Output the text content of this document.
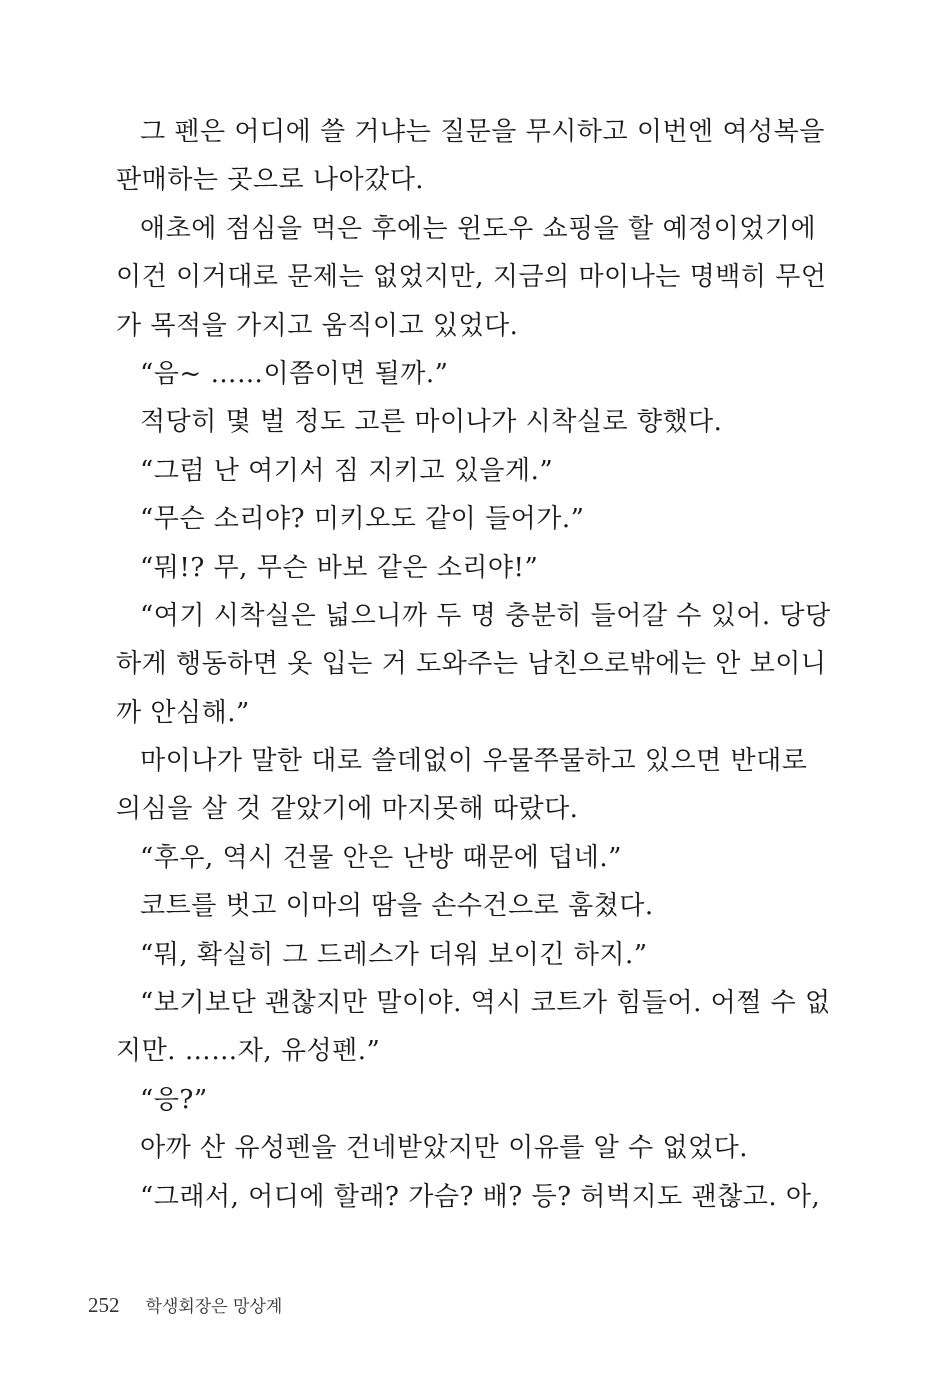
그 펜은 어디에 쓸 거냐는 질문을 무시하고 이번엔 여성복을
판매하는 곳으로 나아갔다.
애초에 점심을 먹은 후에는 윈도우 쇼핑을 할 예정이었기에
이건 이거대로 문제는 없었지만, 지금의 마이나는 명백히 무언
가 목적을 가지고 움직이고 있었다.
“음~ ……이쯤이면 될까.”
적당히 몇 벌 정도 고른 마이나가 시착실로 향했다.
“그럼 난 여기서 짐 지키고 있을게.”
“무슨 소리야? 미키오도 같이 들어가.”
“뭐!? 무, 무슨 바보 같은 소리야!”
“여기 시착실은 넓으니까 두 명 충분히 들어갈 수 있어. 당당
하게 행동하면 옷 입는 거 도와주는 남친으로밖에는 안 보이니
까 안심해.”
마이나가 말한 대로 쓸데없이 우물쭈물하고 있으면 반대로
의심을 살 것 같았기에 마지못해 따랐다.
“후우, 역시 건물 안은 난방 때문에 덥네.”
코트를 벗고 이마의 땀을 손수건으로 훔쳤다.
“뭐, 확실히 그 드레스가 더워 보이긴 하지.”
“보기보단 괜찮지만 말이야. 역시 코트가 힘들어. 어쩔 수 없
지만. ……자, 유성펜.”
“응?”
아까 산 유성펜을 건네받았지만 이유를 알 수 없었다.
“그래서, 어디에 할래? 가슴? 배? 등? 허벅지도 괜찮고. 아,
252 학생회장은 망상계
